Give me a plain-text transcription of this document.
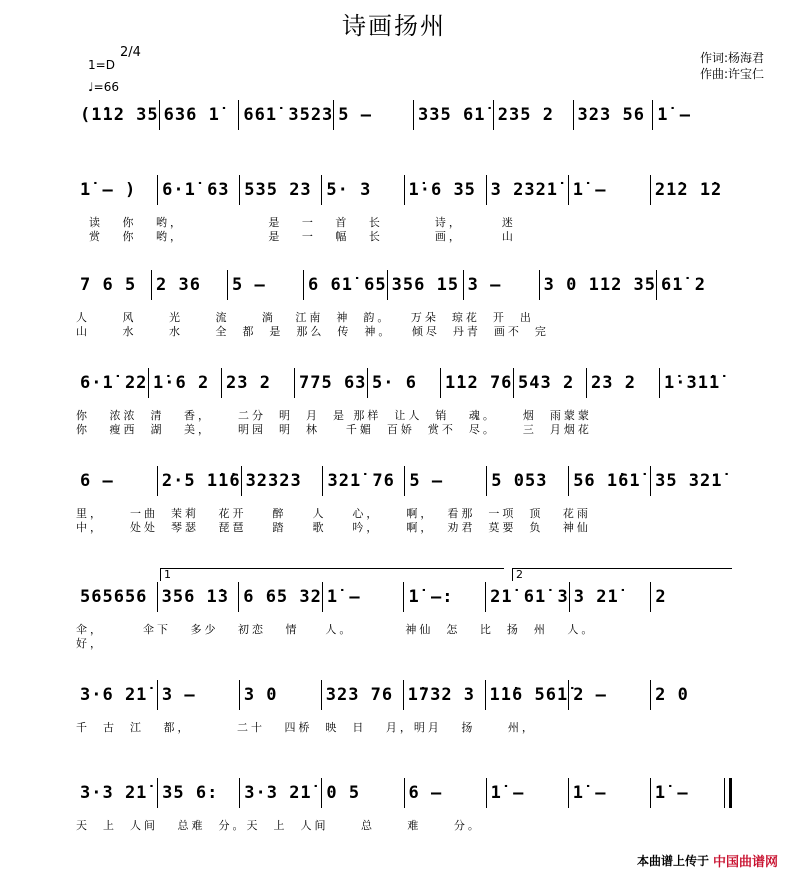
诗画扬州
1=D
2/4
♩=66
作词:杨海君
作曲:许宝仁
(1̇12 35 636 1̇	661̇ 3523 5 –	335 61̇ 235 2	323 56 1̇ –
1̇ – )	6·1̇ 63 535 23 5· 3	1̇·6 35 3 2321̇ 1̇ –	21̇2 1̇2
读   你   哟，             是   一   首   长        诗，      迷
赏   你   哟，             是   一   幅   长        画，      山
7 6 5	2 36	5 –	6 61̇ 65 356 15 3 –	3 0 112 35 61̇ 2
人     风     光     流     淌   江南  神  韵。   万朵  琼花  开  出
山     水     水     全  都  是  那么  传  神。   倾尽  丹青  画不  完
6·1̇ 22 1̇·6 2 23 2	775 63 5· 6	1̇12 76 543 2 23 2	1̇·31̇1̇
你   浓浓  清   香，    二分  明  月  是 那样  让人  销   魂。    烟  雨蒙蒙
你   瘦西  湖   美，    明园  明  林    千媚  百娇  赏不  尽。    三  月烟花
6 –	2·5 1̇1̇6 32323	321̇ 76 5 –	5 053	56 1̇61̇ 35 321̇
里，    一曲  茉莉   花开    醉    人    心，    啊，  看那  一项  顶   花雨
中，    处处  琴瑟   琵琶    踏    歌    吟，    啊，  劝君  莫要  负   神仙
565656 356 1̇3 6 65 32 1̇ –	1̇ –:	21̇ 61̇ 3 3 21̇	2
伞，      伞下   多少   初恋   情    人。        神仙  怎   比  扬  州   人。
好，
1	2
3·6 21̇ 3 –	3 0	323 76 1̇732 3 1̇1̇6 561̇ 2 –	2 0
千  古  江   都，       二十   四桥  映  日   月，明月   扬     州，
3·3 21̇ 35 6:	3·3 21̇ 0 5	6 –	1̇ –	1̇ –	1̇ –
天  上  人间   总难  分。天  上  人间     总     难     分。
本曲谱上传于 中国曲谱网
